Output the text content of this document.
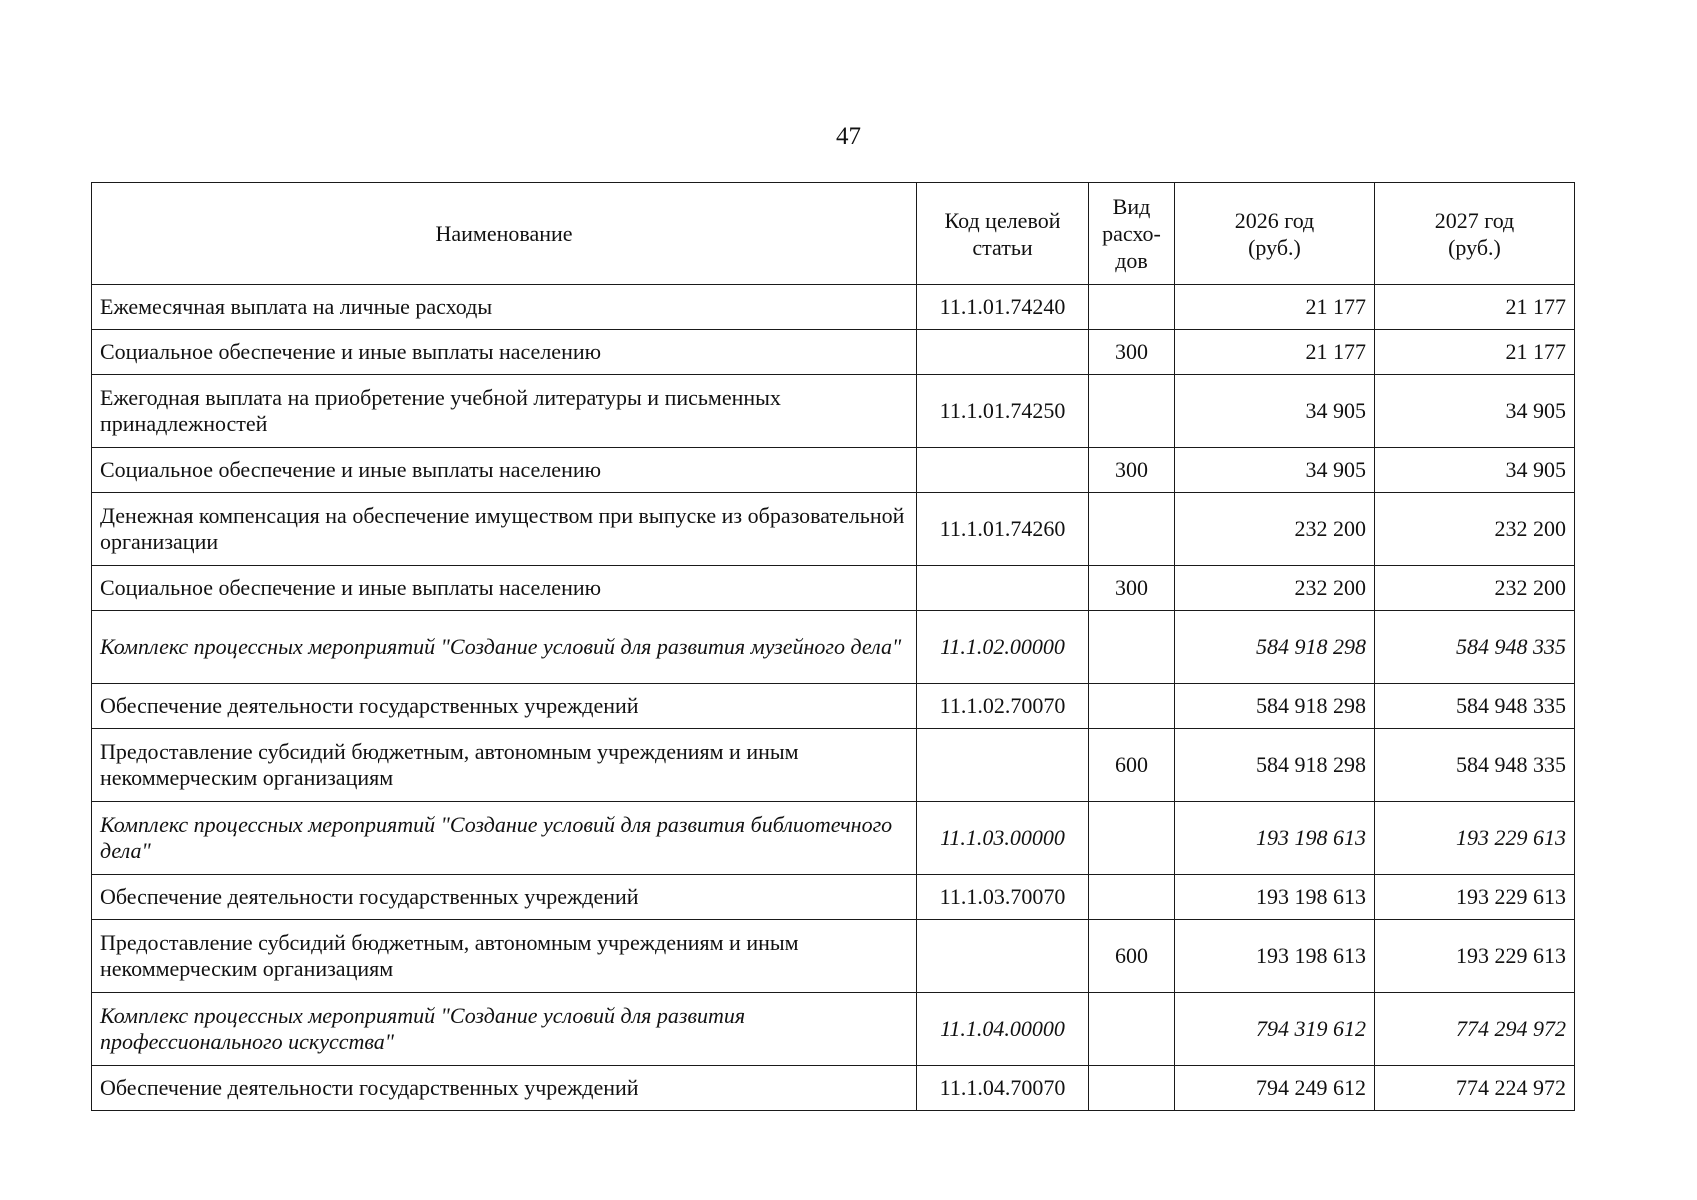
47
Наименование	Код целевой статьи	Вид расхо-дов	2026 год (руб.)	2027 год (руб.)
Ежемесячная выплата на личные расходы	11.1.01.74240		21 177	21 177
Социальное обеспечение и иные выплаты населению		300	21 177	21 177
Ежегодная выплата на приобретение учебной литературы и письменных принадлежностей	11.1.01.74250		34 905	34 905
Социальное обеспечение и иные выплаты населению		300	34 905	34 905
Денежная компенсация на обеспечение имуществом при выпуске из образовательной организации	11.1.01.74260		232 200	232 200
Социальное обеспечение и иные выплаты населению		300	232 200	232 200
Комплекс процессных мероприятий "Создание условий для развития музейного дела"	11.1.02.00000		584 918 298	584 948 335
Обеспечение деятельности государственных учреждений	11.1.02.70070		584 918 298	584 948 335
Предоставление субсидий бюджетным, автономным учреждениям и иным некоммерческим организациям		600	584 918 298	584 948 335
Комплекс процессных мероприятий "Создание условий для развития библиотечного дела"	11.1.03.00000		193 198 613	193 229 613
Обеспечение деятельности государственных учреждений	11.1.03.70070		193 198 613	193 229 613
Предоставление субсидий бюджетным, автономным учреждениям и иным некоммерческим организациям		600	193 198 613	193 229 613
Комплекс процессных мероприятий "Создание условий для развития профессионального искусства"	11.1.04.00000		794 319 612	774 294 972
Обеспечение деятельности государственных учреждений	11.1.04.70070		794 249 612	774 224 972
